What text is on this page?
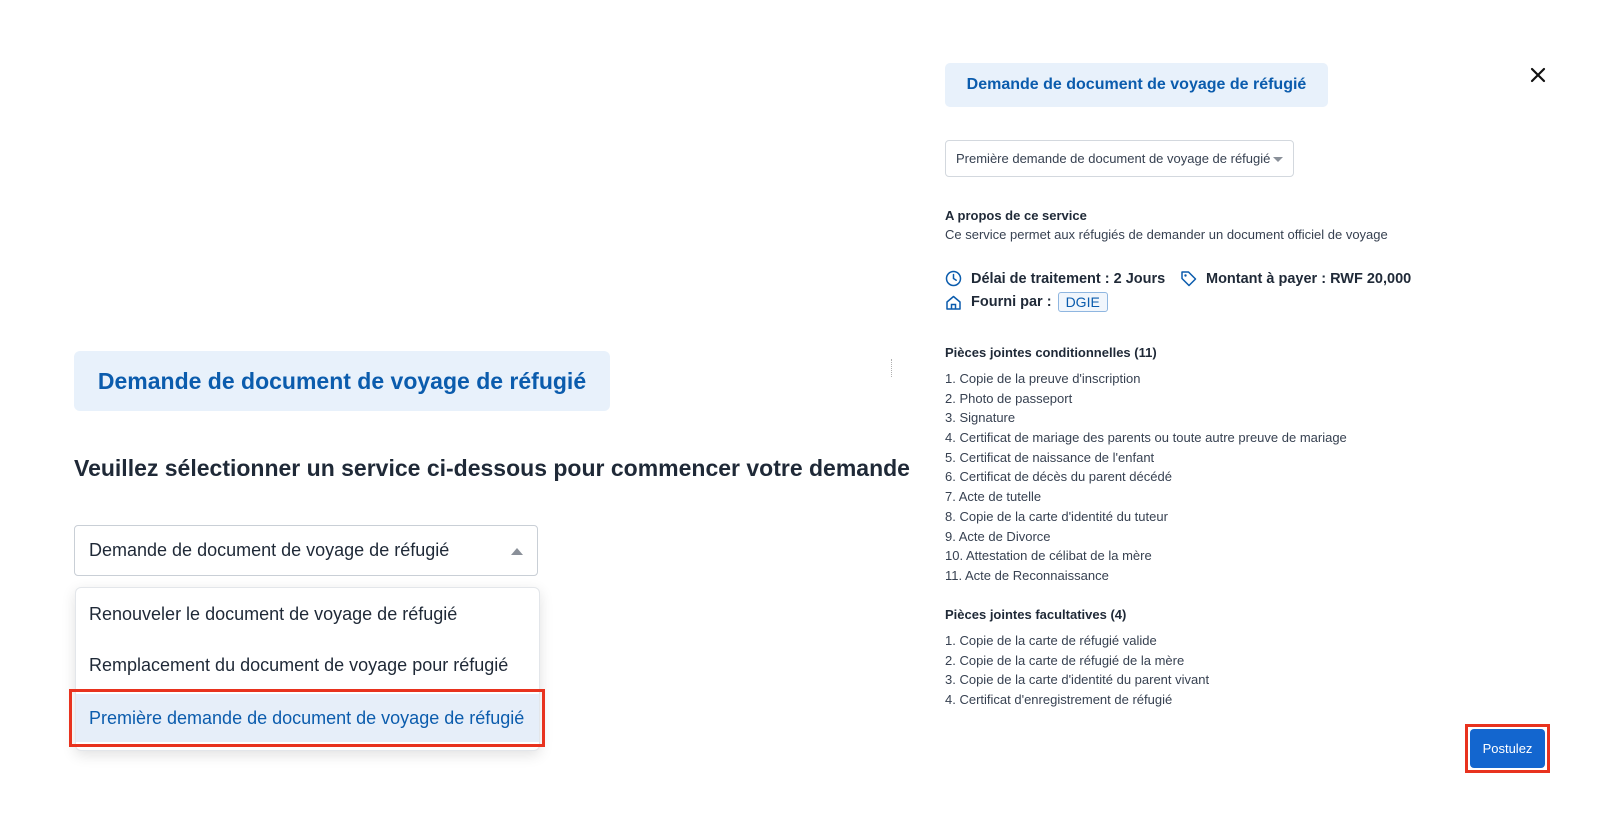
Demande de document de voyage de réfugié
Veuillez sélectionner un service ci-dessous pour commencer votre demande
Demande de document de voyage de réfugié
Renouveler le document de voyage de réfugié
Remplacement du document de voyage pour réfugié
Première demande de document de voyage de réfugié
Demande de document de voyage de réfugié
Première demande de document de voyage de réfugié
A propos de ce service
Ce service permet aux réfugiés de demander un document officiel de voyage
Délai de traitement : 2 Jours	Montant à payer : RWF 20,000
Fourni par :	DGIE
Pièces jointes conditionnelles (11)
1. Copie de la preuve d'inscription
2. Photo de passeport
3. Signature
4. Certificat de mariage des parents ou toute autre preuve de mariage
5. Certificat de naissance de l'enfant
6. Certificat de décès du parent décédé
7. Acte de tutelle
8. Copie de la carte d'identité du tuteur
9. Acte de Divorce
10. Attestation de célibat de la mère
11. Acte de Reconnaissance
Pièces jointes facultatives (4)
1. Copie de la carte de réfugié valide
2. Copie de la carte de réfugié de la mère
3. Copie de la carte d'identité du parent vivant
4. Certificat d'enregistrement de réfugié
Postulez
